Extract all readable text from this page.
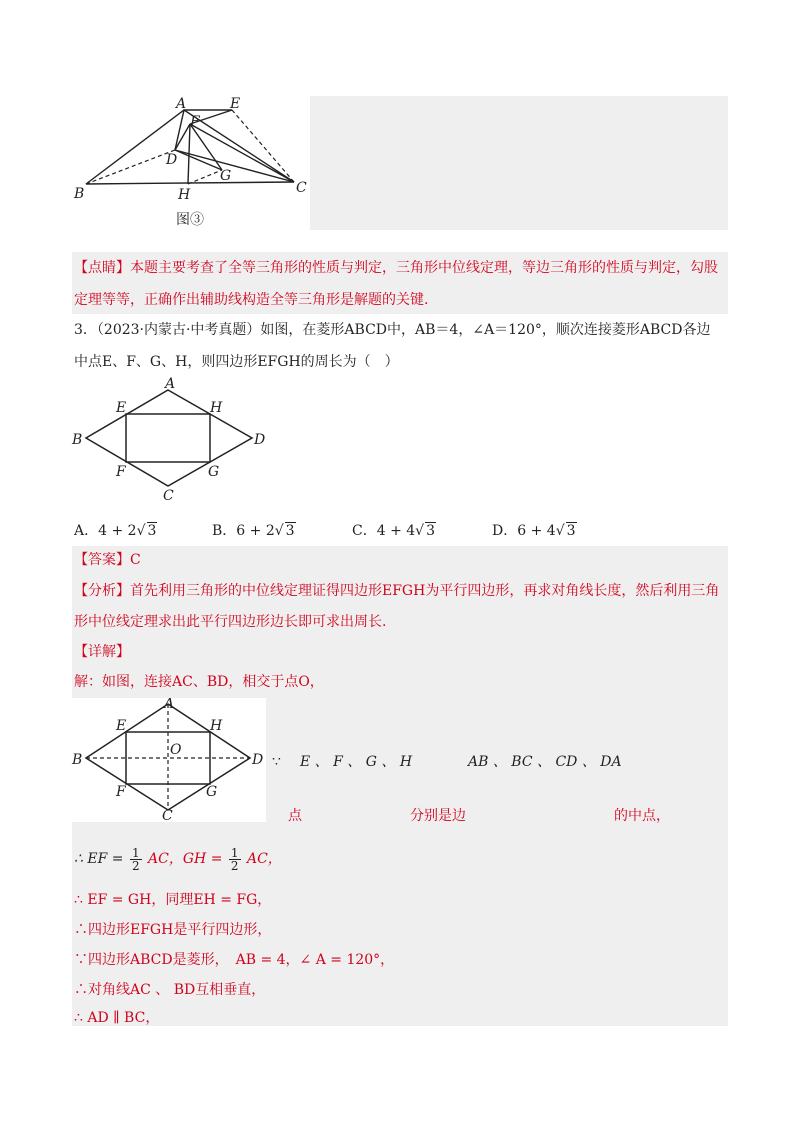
A	E
F
D
G
B	H	C
图③
【点睛】本题主要考查了全等三角形的性质与判定，三角形中位线定理，等边三角形的性质与判定，勾股
定理等等，正确作出辅助线构造全等三角形是解题的关键.
3．（2023·内蒙古·中考真题）如图，在菱形ABCD中，AB＝4，∠A＝120°，顺次连接菱形ABCD各边
中点E、F、G、H，则四边形EFGH的周长为（　）
A
E	H
B	D
F	G
C
A．4 + 2√ 3	B．6 + 2√ 3	C．4 + 4√ 3	D．6 + 4√ 3
【答案】C
【分析】首先利用三角形的中位线定理证得四边形EFGH为平行四边形，再求对角线长度，然后利用三角
形中位线定理求出此平行四边形边长即可求出周长.
【详解】
解：如图，连接AC、BD，相交于点O，
A
E	H
B
O
D
F	G
C
∵ E 、 F 、 G 、 H	AB 、 BC 、 CD 、 DA
点	分别是边	的中点，
∴ EF = $\frac{1}{2}$ AC，GH = $\frac{1}{2}$ AC，
∴ EF = GH，同理EH = FG，
∴四边形EFGH是平行四边形，
∵四边形ABCD是菱形，　AB = 4，∠ A = 120°，
∴对角线AC 、 BD互相垂直，
∴ AD ∥ BC，
